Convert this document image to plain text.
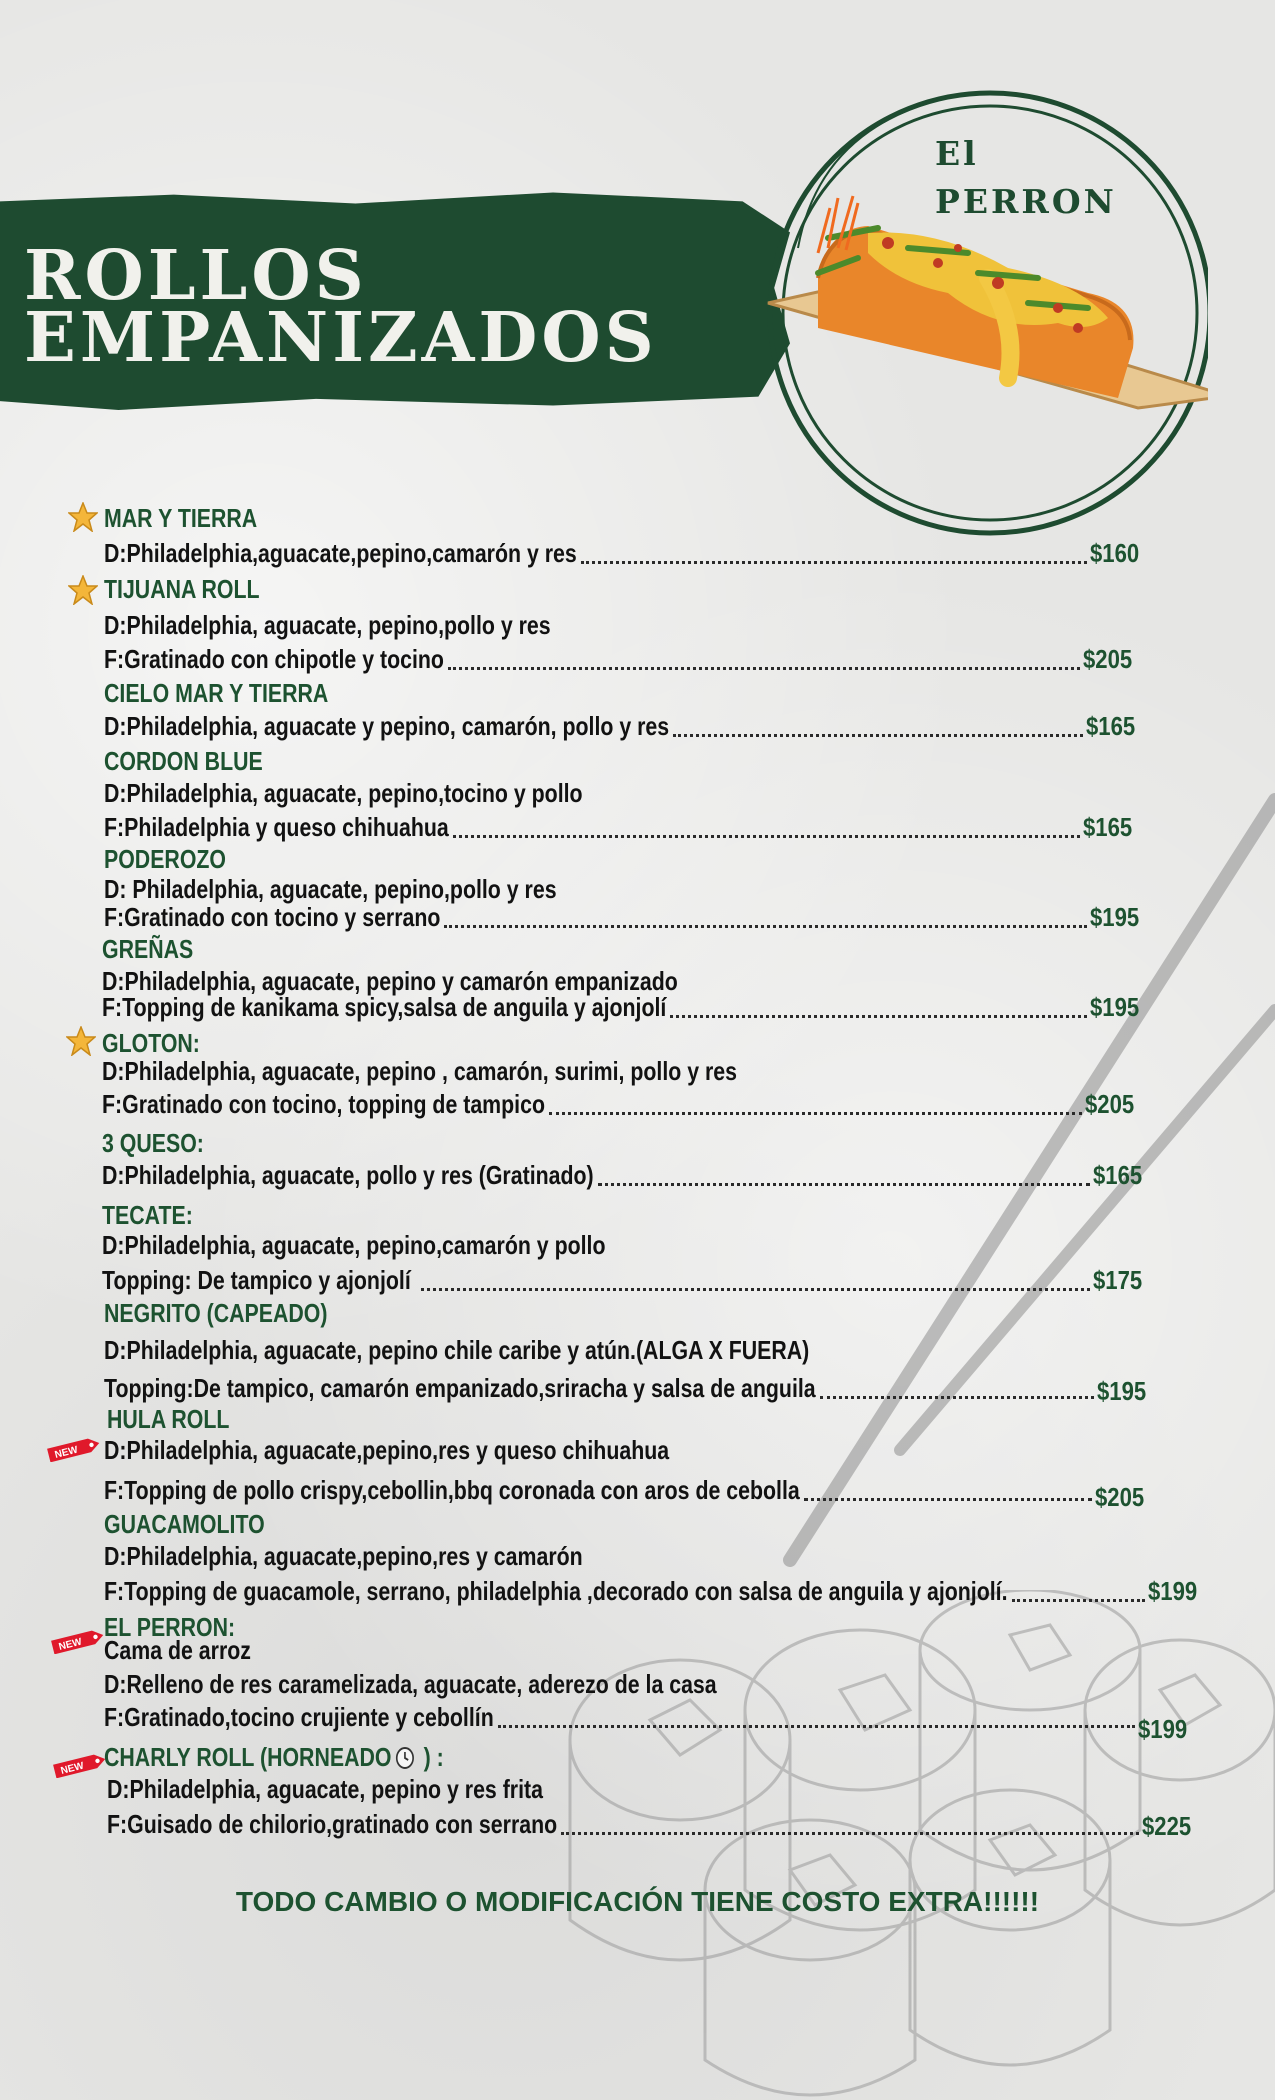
ROLLOS
EMPANIZADOS
El
PERRON
MAR Y TIERRA
D:Philadelphia,aguacate,pepino,camarón y res	$160
TIJUANA ROLL
D:Philadelphia, aguacate, pepino,pollo y res
F:Gratinado con chipotle y tocino	$205
CIELO MAR Y TIERRA
D:Philadelphia, aguacate y pepino, camarón, pollo y res	$165
CORDON BLUE
D:Philadelphia, aguacate, pepino,tocino y pollo
F:Philadelphia y queso chihuahua	$165
PODEROZO
D: Philadelphia, aguacate, pepino,pollo y res
F:Gratinado con tocino y serrano	$195
GREÑAS
D:Philadelphia, aguacate, pepino y camarón empanizado
F:Topping de kanikama spicy,salsa de anguila y ajonjolí	$195
GLOTON:
D:Philadelphia, aguacate, pepino , camarón, surimi, pollo y res
F:Gratinado con tocino, topping de tampico	$205
3 QUESO:
D:Philadelphia, aguacate, pollo y res (Gratinado)	$165
TECATE:
D:Philadelphia, aguacate, pepino,camarón y pollo
Topping: De tampico y ajonjolí	$175
NEGRITO (CAPEADO)
D:Philadelphia, aguacate, pepino chile caribe y atún.(ALGA X FUERA)
Topping:De tampico, camarón empanizado,sriracha y salsa de anguila	$195
HULA ROLL
D:Philadelphia, aguacate,pepino,res y queso chihuahua
F:Topping de pollo crispy,cebollin,bbq coronada con aros de cebolla	$205
NEW
GUACAMOLITO
D:Philadelphia, aguacate,pepino,res y camarón
F:Topping de guacamole, serrano, philadelphia ,decorado con salsa de anguila y ajonjolí.	$199
EL PERRON:
Cama de arroz
D:Relleno de res caramelizada, aguacate, aderezo de la casa
F:Gratinado,tocino crujiente y cebollín	$199
NEW
CHARLY ROLL (HORNEADO ) :
D:Philadelphia, aguacate, pepino y res frita
F:Guisado de chilorio,gratinado con serrano	$225
NEW
TODO CAMBIO O MODIFICACIÓN TIENE COSTO EXTRA!!!!!!
